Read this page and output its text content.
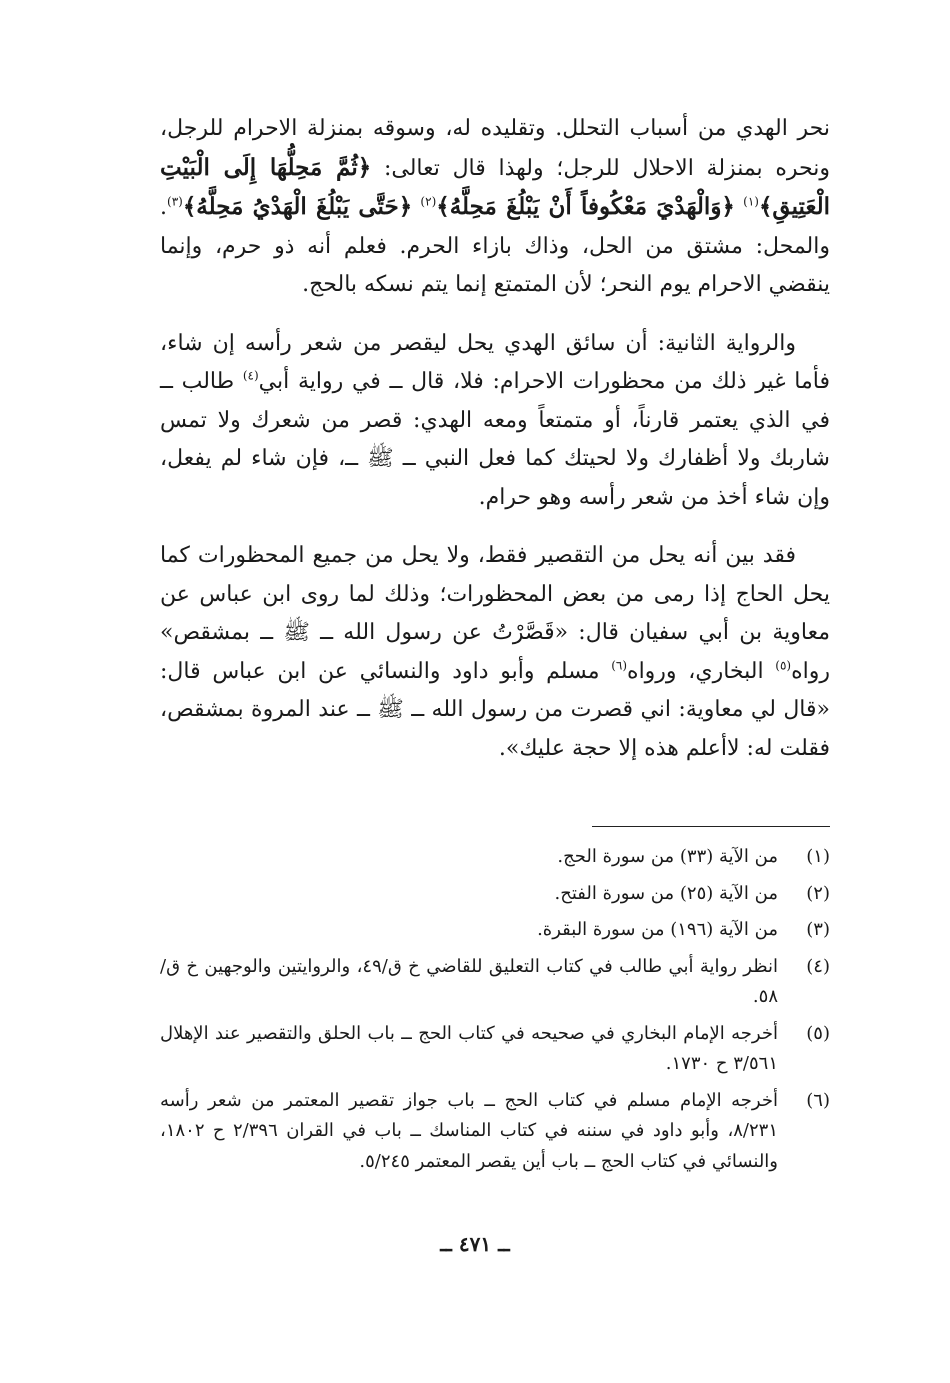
نحر الهدي من أسباب التحلل. وتقليده له، وسوقه بمنزلة الاحرام للرجل، ونحره بمنزلة الاحلال للرجل؛ ولهذا قال تعالى: ﴿ثُمَّ مَحِلُّهَا إِلَى الْبَيْتِ الْعَتِيقِ﴾$^{(١)}$ ﴿وَالْهَدْيَ مَعْكُوفاً أَنْ يَبْلُغَ مَحِلَّهُ﴾$^{(٢)}$ ﴿حَتَّى يَبْلُغَ الْهَدْيُ مَحِلَّهُ﴾$^{(٣)}$. والمحل: مشتق من الحل، وذاك بازاء الحرم. فعلم أنه ذو حرم، وإنما ينقضي الاحرام يوم النحر؛ لأن المتمتع إنما يتم نسكه بالحج.

والرواية الثانية: أن سائق الهدي يحل ليقصر من شعر رأسه إن شاء، فأما غير ذلك من محظورات الاحرام: فلا، قال ــ في رواية أبي$^{(٤)}$ طالب ــ في الذي يعتمر قارناً، أو متمتعاً ومعه الهدي: قصر من شعرك ولا تمس شاربك ولا أظفارك ولا لحيتك كما فعل النبي ــ ﷺ ــ، فإن شاء لم يفعل، وإن شاء أخذ من شعر رأسه وهو حرام.

فقد بين أنه يحل من التقصير فقط، ولا يحل من جميع المحظورات كما يحل الحاج إذا رمى من بعض المحظورات؛ وذلك لما روى ابن عباس عن معاوية بن أبي سفيان قال: «قَصَّرْتُ عن رسول الله ــ ﷺ ــ بمشقص» رواه$^{(٥)}$ البخاري، ورواه$^{(٦)}$ مسلم وأبو داود والنسائي عن ابن عباس قال: «قال لي معاوية: اني قصرت من رسول الله ــ ﷺ ــ عند المروة بمشقص، فقلت له: لاأعلم هذه إلا حجة عليك».

(١)
من الآية (٣٣) من سورة الحج.
(٢)
من الآية (٢٥) من سورة الفتح.
(٣)
من الآية (١٩٦) من سورة البقرة.
(٤)
انظر رواية أبي طالب في كتاب التعليق للقاضي خ ق/٤٩، والروايتين والوجهين خ ق/٥٨.
(٥)
أخرجه الإمام البخاري في صحيحه في كتاب الحج ــ باب الحلق والتقصير عند الإهلال ٣/٥٦١ ح ١٧٣٠.
(٦)
أخرجه الإمام مسلم في كتاب الحج ــ باب جواز تقصير المعتمر من شعر رأسه ٨/٢٣١، وأبو داود في سننه في كتاب المناسك ــ باب في القران ٢/٣٩٦ ح ١٨٠٢، والنسائي في كتاب الحج ــ باب أين يقصر المعتمر ٥/٢٤٥.
ــ ٤٧١ ــ
